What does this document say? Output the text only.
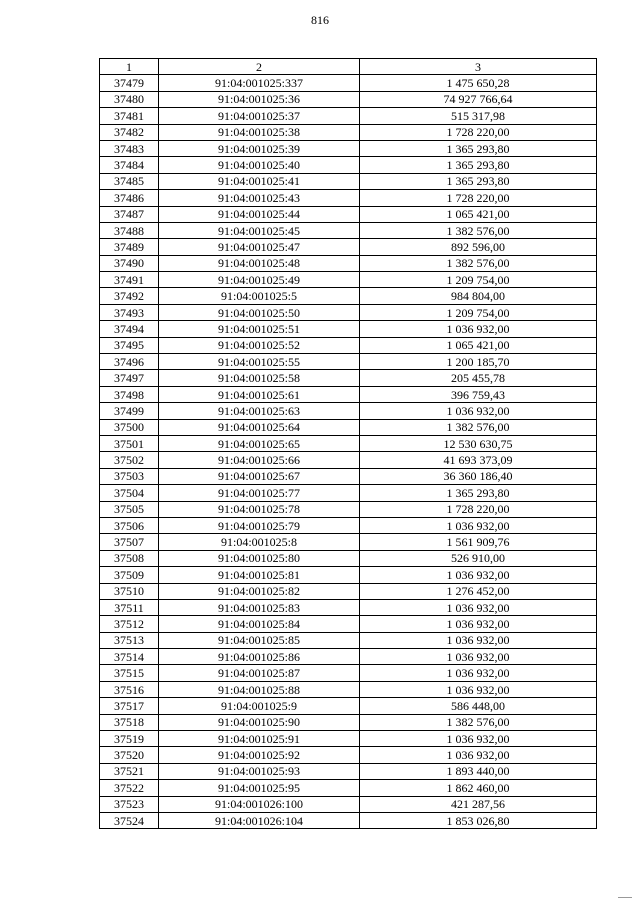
816
1	2	3
37479	91:04:001025:337	1 475 650,28
37480	91:04:001025:36	74 927 766,64
37481	91:04:001025:37	515 317,98
37482	91:04:001025:38	1 728 220,00
37483	91:04:001025:39	1 365 293,80
37484	91:04:001025:40	1 365 293,80
37485	91:04:001025:41	1 365 293,80
37486	91:04:001025:43	1 728 220,00
37487	91:04:001025:44	1 065 421,00
37488	91:04:001025:45	1 382 576,00
37489	91:04:001025:47	892 596,00
37490	91:04:001025:48	1 382 576,00
37491	91:04:001025:49	1 209 754,00
37492	91:04:001025:5	984 804,00
37493	91:04:001025:50	1 209 754,00
37494	91:04:001025:51	1 036 932,00
37495	91:04:001025:52	1 065 421,00
37496	91:04:001025:55	1 200 185,70
37497	91:04:001025:58	205 455,78
37498	91:04:001025:61	396 759,43
37499	91:04:001025:63	1 036 932,00
37500	91:04:001025:64	1 382 576,00
37501	91:04:001025:65	12 530 630,75
37502	91:04:001025:66	41 693 373,09
37503	91:04:001025:67	36 360 186,40
37504	91:04:001025:77	1 365 293,80
37505	91:04:001025:78	1 728 220,00
37506	91:04:001025:79	1 036 932,00
37507	91:04:001025:8	1 561 909,76
37508	91:04:001025:80	526 910,00
37509	91:04:001025:81	1 036 932,00
37510	91:04:001025:82	1 276 452,00
37511	91:04:001025:83	1 036 932,00
37512	91:04:001025:84	1 036 932,00
37513	91:04:001025:85	1 036 932,00
37514	91:04:001025:86	1 036 932,00
37515	91:04:001025:87	1 036 932,00
37516	91:04:001025:88	1 036 932,00
37517	91:04:001025:9	586 448,00
37518	91:04:001025:90	1 382 576,00
37519	91:04:001025:91	1 036 932,00
37520	91:04:001025:92	1 036 932,00
37521	91:04:001025:93	1 893 440,00
37522	91:04:001025:95	1 862 460,00
37523	91:04:001026:100	421 287,56
37524	91:04:001026:104	1 853 026,80
